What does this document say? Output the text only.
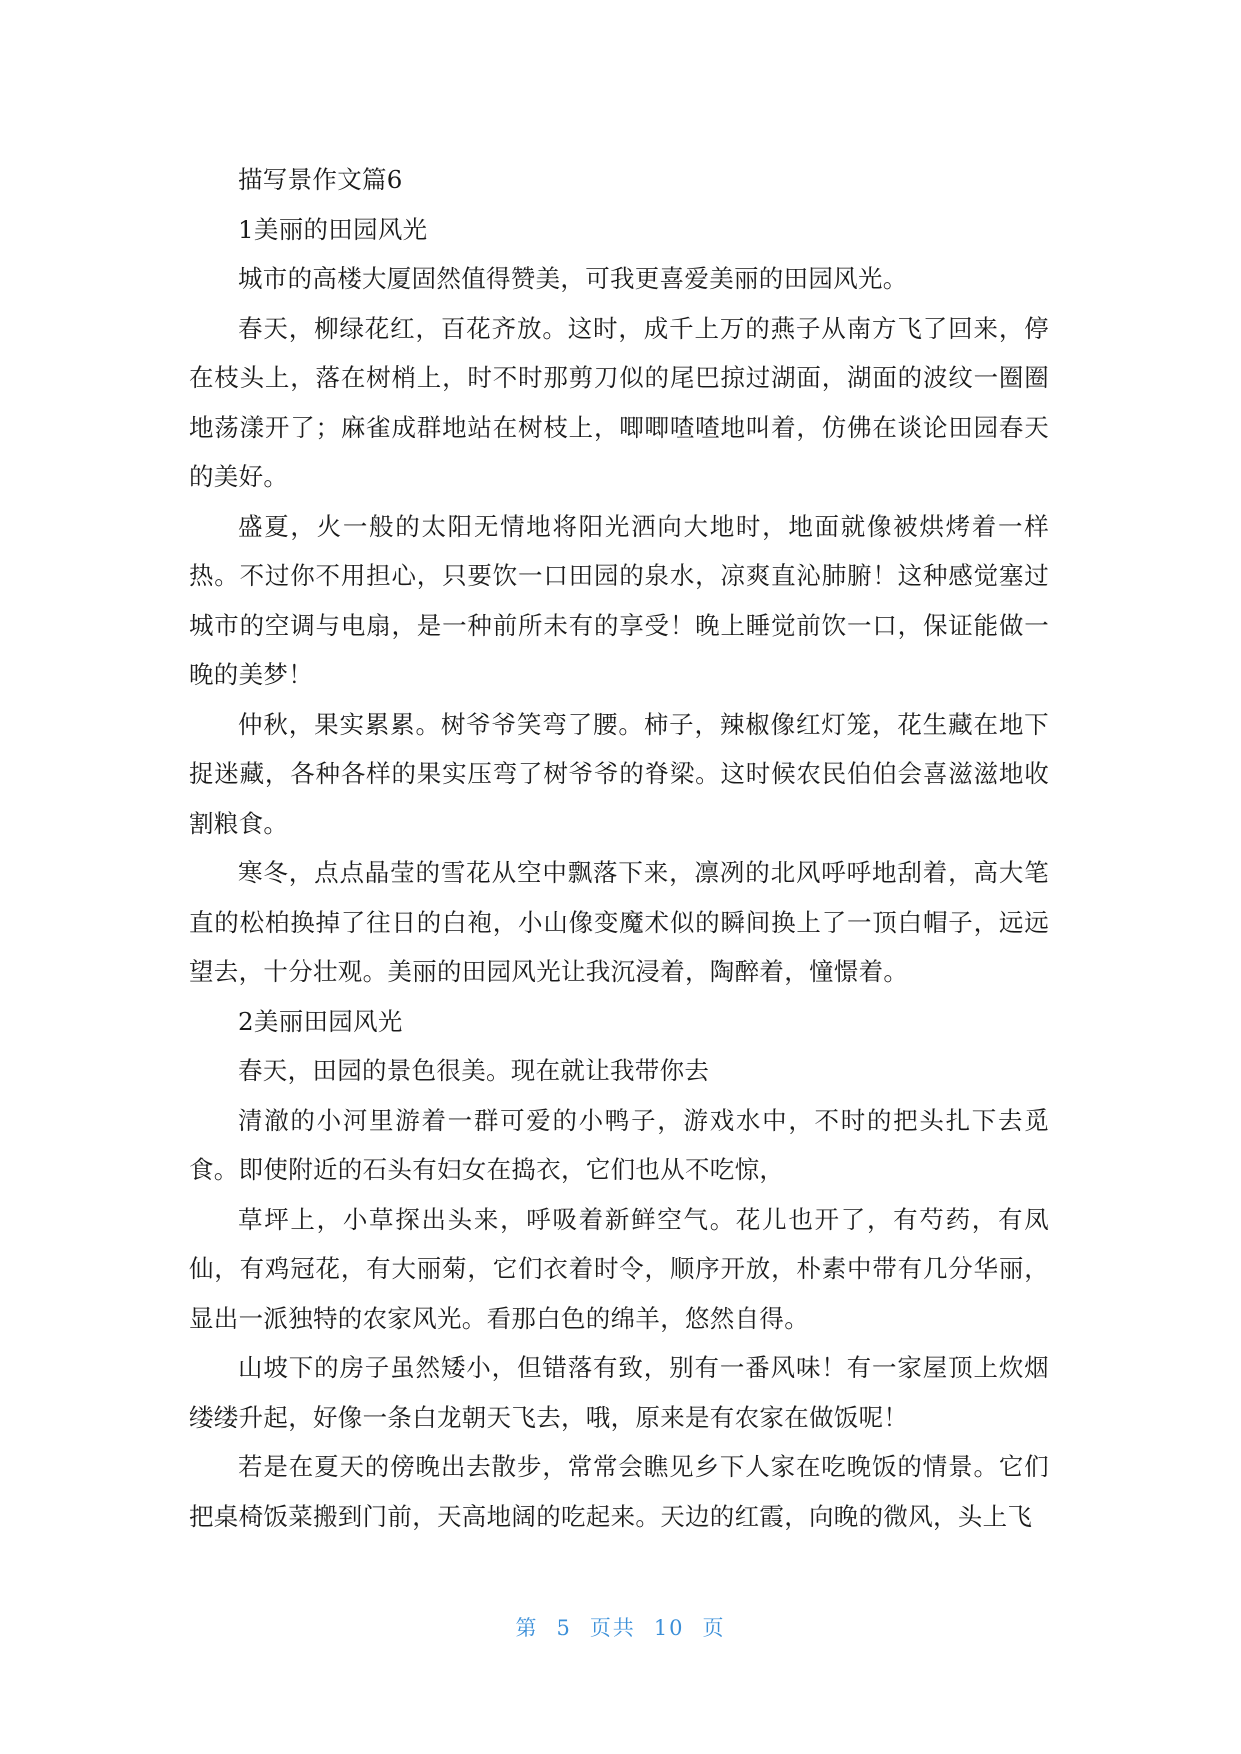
描写景作文篇6

1美丽的田园风光

城市的高楼大厦固然值得赞美，可我更喜爱美丽的田园风光。

春天，柳绿花红，百花齐放。这时，成千上万的燕子从南方飞了回来，停在枝头上，落在树梢上，时不时那剪刀似的尾巴掠过湖面，湖面的波纹一圈圈地荡漾开了；麻雀成群地站在树枝上，唧唧喳喳地叫着，仿佛在谈论田园春天的美好。

盛夏，火一般的太阳无情地将阳光洒向大地时，地面就像被烘烤着一样热。不过你不用担心，只要饮一口田园的泉水，凉爽直沁肺腑！这种感觉塞过城市的空调与电扇，是一种前所未有的享受！晚上睡觉前饮一口，保证能做一晚的美梦！

仲秋，果实累累。树爷爷笑弯了腰。柿子，辣椒像红灯笼，花生藏在地下捉迷藏，各种各样的果实压弯了树爷爷的脊梁。这时候农民伯伯会喜滋滋地收割粮食。

寒冬，点点晶莹的雪花从空中飘落下来，凛冽的北风呼呼地刮着，高大笔直的松柏换掉了往日的白袍，小山像变魔术似的瞬间换上了一顶白帽子，远远望去，十分壮观。美丽的田园风光让我沉浸着，陶醉着，憧憬着。

2美丽田园风光

春天，田园的景色很美。现在就让我带你去

清澈的小河里游着一群可爱的小鸭子，游戏水中，不时的把头扎下去觅食。即使附近的石头有妇女在捣衣，它们也从不吃惊，

草坪上，小草探出头来，呼吸着新鲜空气。花儿也开了，有芍药，有凤仙，有鸡冠花，有大丽菊，它们衣着时令，顺序开放，朴素中带有几分华丽，显出一派独特的农家风光。看那白色的绵羊，悠然自得。

山坡下的房子虽然矮小，但错落有致，别有一番风味！有一家屋顶上炊烟缕缕升起，好像一条白龙朝天飞去，哦，原来是有农家在做饭呢！

若是在夏天的傍晚出去散步，常常会瞧见乡下人家在吃晚饭的情景。它们把桌椅饭菜搬到门前，天高地阔的吃起来。天边的红霞，向晚的微风，头上飞

第 5 页共 10 页
